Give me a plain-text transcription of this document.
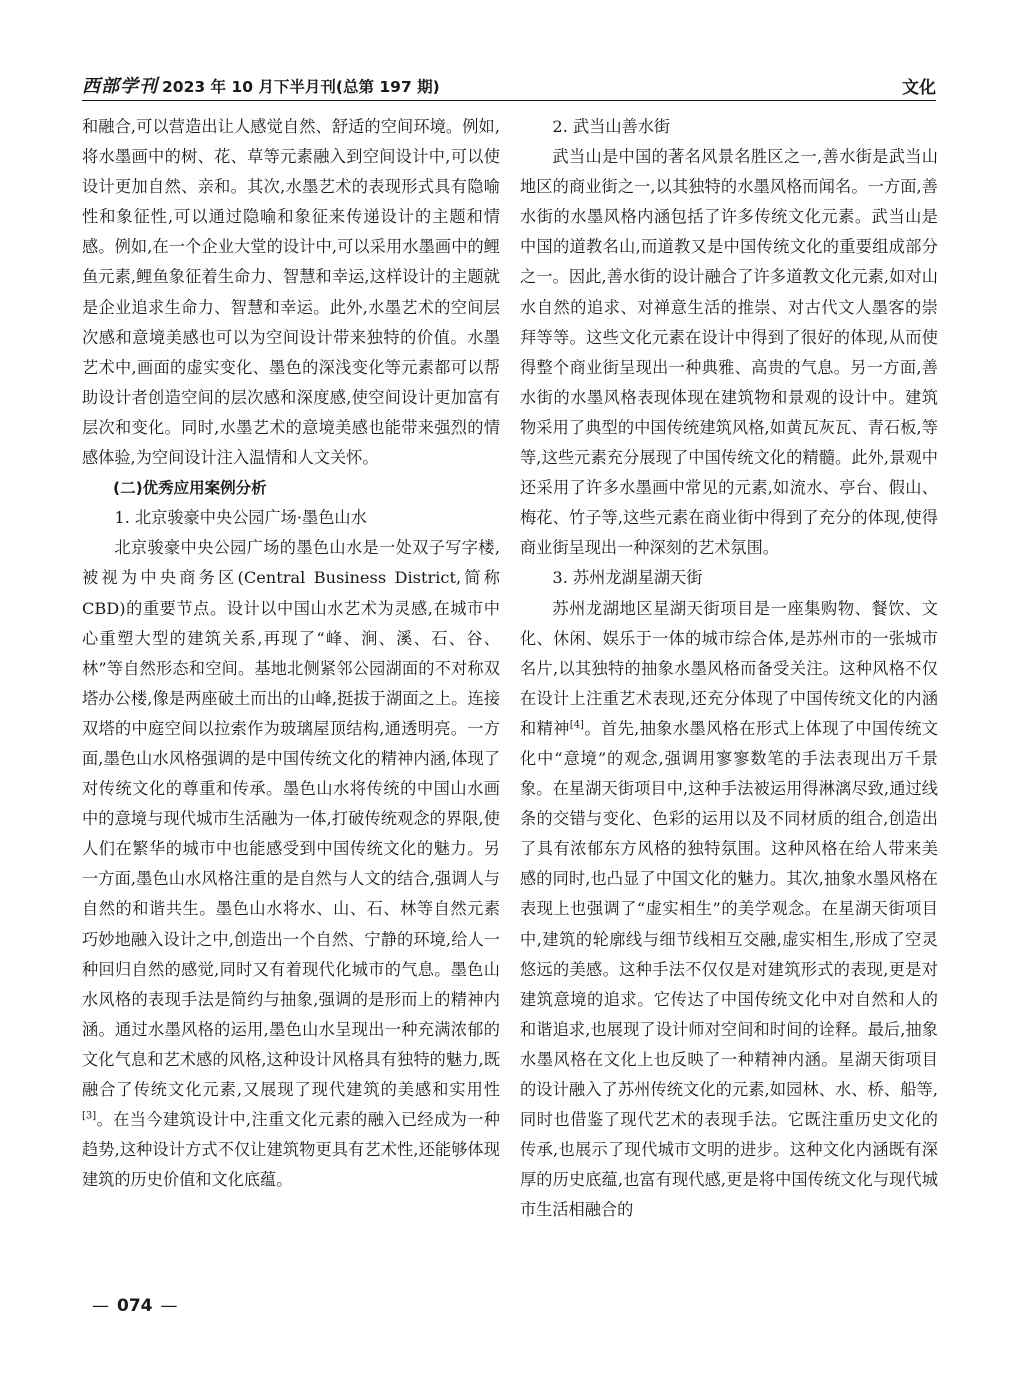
西部学刊 2023 年 10 月下半月刊(总第 197 期)	文化

和融合,可以营造出让人感觉自然、舒适的空间环境。例如,将水墨画中的树、花、草等元素融入到空间设计中,可以使设计更加自然、亲和。其次,水墨艺术的表现形式具有隐喻性和象征性,可以通过隐喻和象征来传递设计的主题和情感。例如,在一个企业大堂的设计中,可以采用水墨画中的鲤鱼元素,鲤鱼象征着生命力、智慧和幸运,这样设计的主题就是企业追求生命力、智慧和幸运。此外,水墨艺术的空间层次感和意境美感也可以为空间设计带来独特的价值。水墨艺术中,画面的虚实变化、墨色的深浅变化等元素都可以帮助设计者创造空间的层次感和深度感,使空间设计更加富有层次和变化。同时,水墨艺术的意境美感也能带来强烈的情感体验,为空间设计注入温情和人文关怀。

(二)优秀应用案例分析
1. 北京骏豪中央公园广场·墨色山水

北京骏豪中央公园广场的墨色山水是一处双子写字楼,被视为中央商务区(Central Business District,简称 CBD)的重要节点。设计以中国山水艺术为灵感,在城市中心重塑大型的建筑关系,再现了“峰、涧、溪、石、谷、林”等自然形态和空间。基地北侧紧邻公园湖面的不对称双塔办公楼,像是两座破土而出的山峰,挺拔于湖面之上。连接双塔的中庭空间以拉索作为玻璃屋顶结构,通透明亮。一方面,墨色山水风格强调的是中国传统文化的精神内涵,体现了对传统文化的尊重和传承。墨色山水将传统的中国山水画中的意境与现代城市生活融为一体,打破传统观念的界限,使人们在繁华的城市中也能感受到中国传统文化的魅力。另一方面,墨色山水风格注重的是自然与人文的结合,强调人与自然的和谐共生。墨色山水将水、山、石、林等自然元素巧妙地融入设计之中,创造出一个自然、宁静的环境,给人一种回归自然的感觉,同时又有着现代化城市的气息。墨色山水风格的表现手法是简约与抽象,强调的是形而上的精神内涵。通过水墨风格的运用,墨色山水呈现出一种充满浓郁的文化气息和艺术感的风格,这种设计风格具有独特的魅力,既融合了传统文化元素,又展现了现代建筑的美感和实用性[3]。在当今建筑设计中,注重文化元素的融入已经成为一种趋势,这种设计方式不仅让建筑物更具有艺术性,还能够体现建筑的历史价值和文化底蕴。

2. 武当山善水街

武当山是中国的著名风景名胜区之一,善水街是武当山地区的商业街之一,以其独特的水墨风格而闻名。一方面,善水街的水墨风格内涵包括了许多传统文化元素。武当山是中国的道教名山,而道教又是中国传统文化的重要组成部分之一。因此,善水街的设计融合了许多道教文化元素,如对山水自然的追求、对禅意生活的推崇、对古代文人墨客的崇拜等等。这些文化元素在设计中得到了很好的体现,从而使得整个商业街呈现出一种典雅、高贵的气息。另一方面,善水街的水墨风格表现体现在建筑物和景观的设计中。建筑物采用了典型的中国传统建筑风格,如黄瓦灰瓦、青石板,等等,这些元素充分展现了中国传统文化的精髓。此外,景观中还采用了许多水墨画中常见的元素,如流水、亭台、假山、梅花、竹子等,这些元素在商业街中得到了充分的体现,使得商业街呈现出一种深刻的艺术氛围。

3. 苏州龙湖星湖天街

苏州龙湖地区星湖天街项目是一座集购物、餐饮、文化、休闲、娱乐于一体的城市综合体,是苏州市的一张城市名片,以其独特的抽象水墨风格而备受关注。这种风格不仅在设计上注重艺术表现,还充分体现了中国传统文化的内涵和精神[4]。首先,抽象水墨风格在形式上体现了中国传统文化中“意境”的观念,强调用寥寥数笔的手法表现出万千景象。在星湖天街项目中,这种手法被运用得淋漓尽致,通过线条的交错与变化、色彩的运用以及不同材质的组合,创造出了具有浓郁东方风格的独特氛围。这种风格在给人带来美感的同时,也凸显了中国文化的魅力。其次,抽象水墨风格在表现上也强调了“虚实相生”的美学观念。在星湖天街项目中,建筑的轮廓线与细节线相互交融,虚实相生,形成了空灵悠远的美感。这种手法不仅仅是对建筑形式的表现,更是对建筑意境的追求。它传达了中国传统文化中对自然和人的和谐追求,也展现了设计师对空间和时间的诠释。最后,抽象水墨风格在文化上也反映了一种精神内涵。星湖天街项目的设计融入了苏州传统文化的元素,如园林、水、桥、船等,同时也借鉴了现代艺术的表现手法。它既注重历史文化的传承,也展示了现代城市文明的进步。这种文化内涵既有深厚的历史底蕴,也富有现代感,更是将中国传统文化与现代城市生活相融合的

— 074 —
